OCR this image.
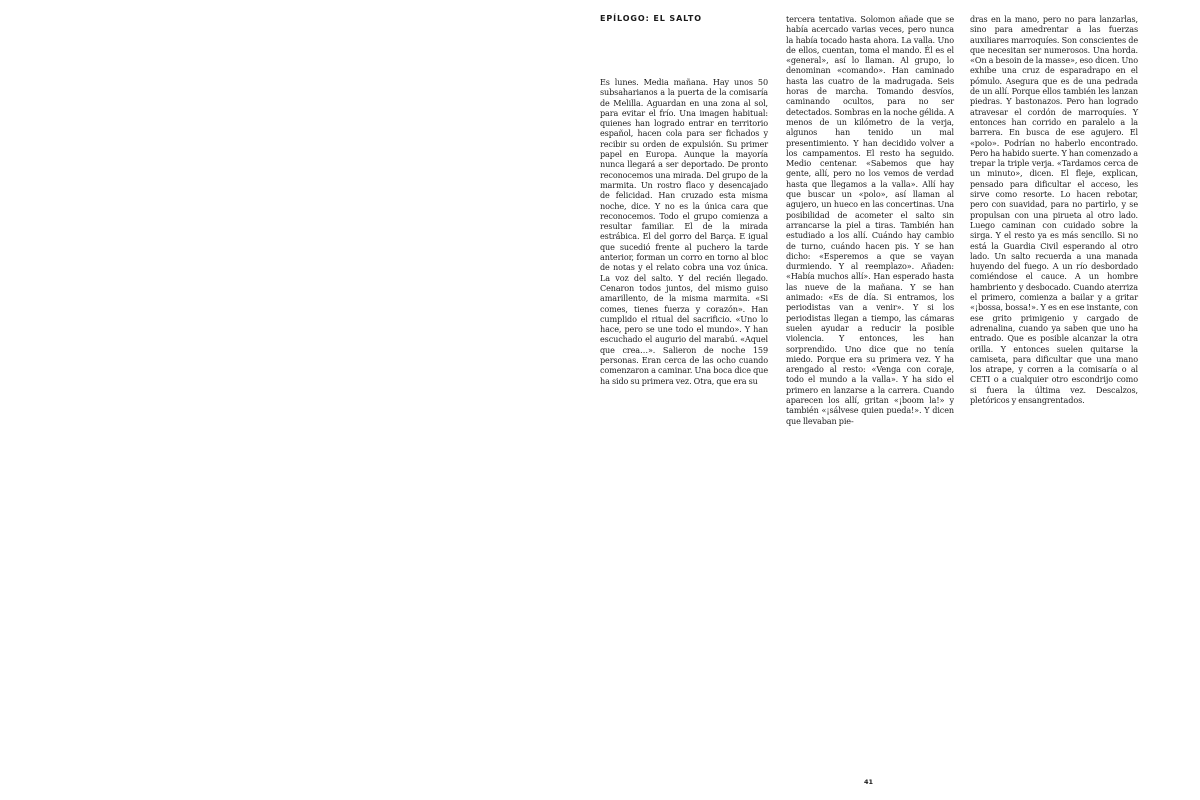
EPÍLOGO: EL SALTO

Es lunes. Media mañana. Hay unos 50 subsaharianos a la puerta de la comisaría de Melilla. Aguardan en una zona al sol, para evitar el frío. Una imagen habitual: quienes han logrado entrar en territorio español, hacen cola para ser fichados y recibir su orden de expulsión. Su primer papel en Europa. Aunque la mayoría nunca llegará a ser deportado. De pronto reconocemos una mirada. Del grupo de la marmita. Un rostro flaco y desencajado de felicidad. Han cruzado esta misma noche, dice. Y no es la única cara que reconocemos. Todo el grupo comienza a resultar familiar. El de la mirada estrábica. El del gorro del Barça. E igual que sucedió frente al puchero la tarde anterior, forman un corro en torno al bloc de notas y el relato cobra una voz única. La voz del salto. Y del recién llegado. Cenaron todos juntos, del mismo guiso amarillento, de la misma marmita. «Si comes, tienes fuerza y corazón». Han cumplido el ritual del sacrificio. «Uno lo hace, pero se une todo el mundo». Y han escuchado el augurio del marabú. «Aquel que crea…». Salieron de noche 159 personas. Eran cerca de las ocho cuando comenzaron a caminar. Una boca dice que ha sido su primera vez. Otra, que era su

tercera tentativa. Solomon añade que se había acercado varias veces, pero nunca la había tocado hasta ahora. La valla. Uno de ellos, cuentan, toma el mando. Él es el «general», así lo llaman. Al grupo, lo denominan «comando». Han caminado hasta las cuatro de la madrugada. Seis horas de marcha. Tomando desvíos, caminando ocultos, para no ser detectados. Sombras en la noche gélida. A menos de un kilómetro de la verja, algunos han tenido un mal presentimiento. Y han decidido volver a los campamentos. El resto ha seguido. Medio centenar. «Sabemos que hay gente, allí, pero no los vemos de verdad hasta que llegamos a la valla». Allí hay que buscar un «polo», así llaman al agujero, un hueco en las concertinas. Una posibilidad de acometer el salto sin arrancarse la piel a tiras. También han estudiado a los allí. Cuándo hay cambio de turno, cuándo hacen pis. Y se han dicho: «Esperemos a que se vayan durmiendo. Y al reemplazo». Añaden: «Había muchos allí». Han esperado hasta las nueve de la mañana. Y se han animado: «Es de día. Si entramos, los periodistas van a venir». Y si los periodistas llegan a tiempo, las cámaras suelen ayudar a reducir la posible violencia. Y entonces, les han sorprendido. Uno dice que no tenía miedo. Porque era su primera vez. Y ha arengado al resto: «Venga con coraje, todo el mundo a la valla». Y ha sido el primero en lanzarse a la carrera. Cuando aparecen los allí, gritan «¡boom la!» y también «¡sálvese quien pueda!». Y dicen que llevaban pie-

dras en la mano, pero no para lanzarlas, sino para amedrentar a las fuerzas auxiliares marroquíes. Son conscientes de que necesitan ser numerosos. Una horda. «On a besoin de la masse», eso dicen. Uno exhibe una cruz de esparadrapo en el pómulo. Asegura que es de una pedrada de un allí. Porque ellos también les lanzan piedras. Y bastonazos. Pero han logrado atravesar el cordón de marroquíes. Y entonces han corrido en paralelo a la barrera. En busca de ese agujero. El «polo». Podrían no haberlo encontrado. Pero ha habido suerte. Y han comenzado a trepar la triple verja. «Tardamos cerca de un minuto», dicen. El fleje, explican, pensado para dificultar el acceso, les sirve como resorte. Lo hacen rebotar, pero con suavidad, para no partirlo, y se propulsan con una pirueta al otro lado. Luego caminan con cuidado sobre la sirga. Y el resto ya es más sencillo. Si no está la Guardia Civil esperando al otro lado. Un salto recuerda a una manada huyendo del fuego. A un río desbordado comiéndose el cauce. A un hombre hambriento y desbocado. Cuando aterriza el primero, comienza a bailar y a gritar «¡bossa, bossa!». Y es en ese instante, con ese grito primigenio y cargado de adrenalina, cuando ya saben que uno ha entrado. Que es posible alcanzar la otra orilla. Y entonces suelen quitarse la camiseta, para dificultar que una mano los atrape, y corren a la comisaría o al CETI o a cualquier otro escondrijo como si fuera la última vez. Descalzos, pletóricos y ensangrentados.

41
